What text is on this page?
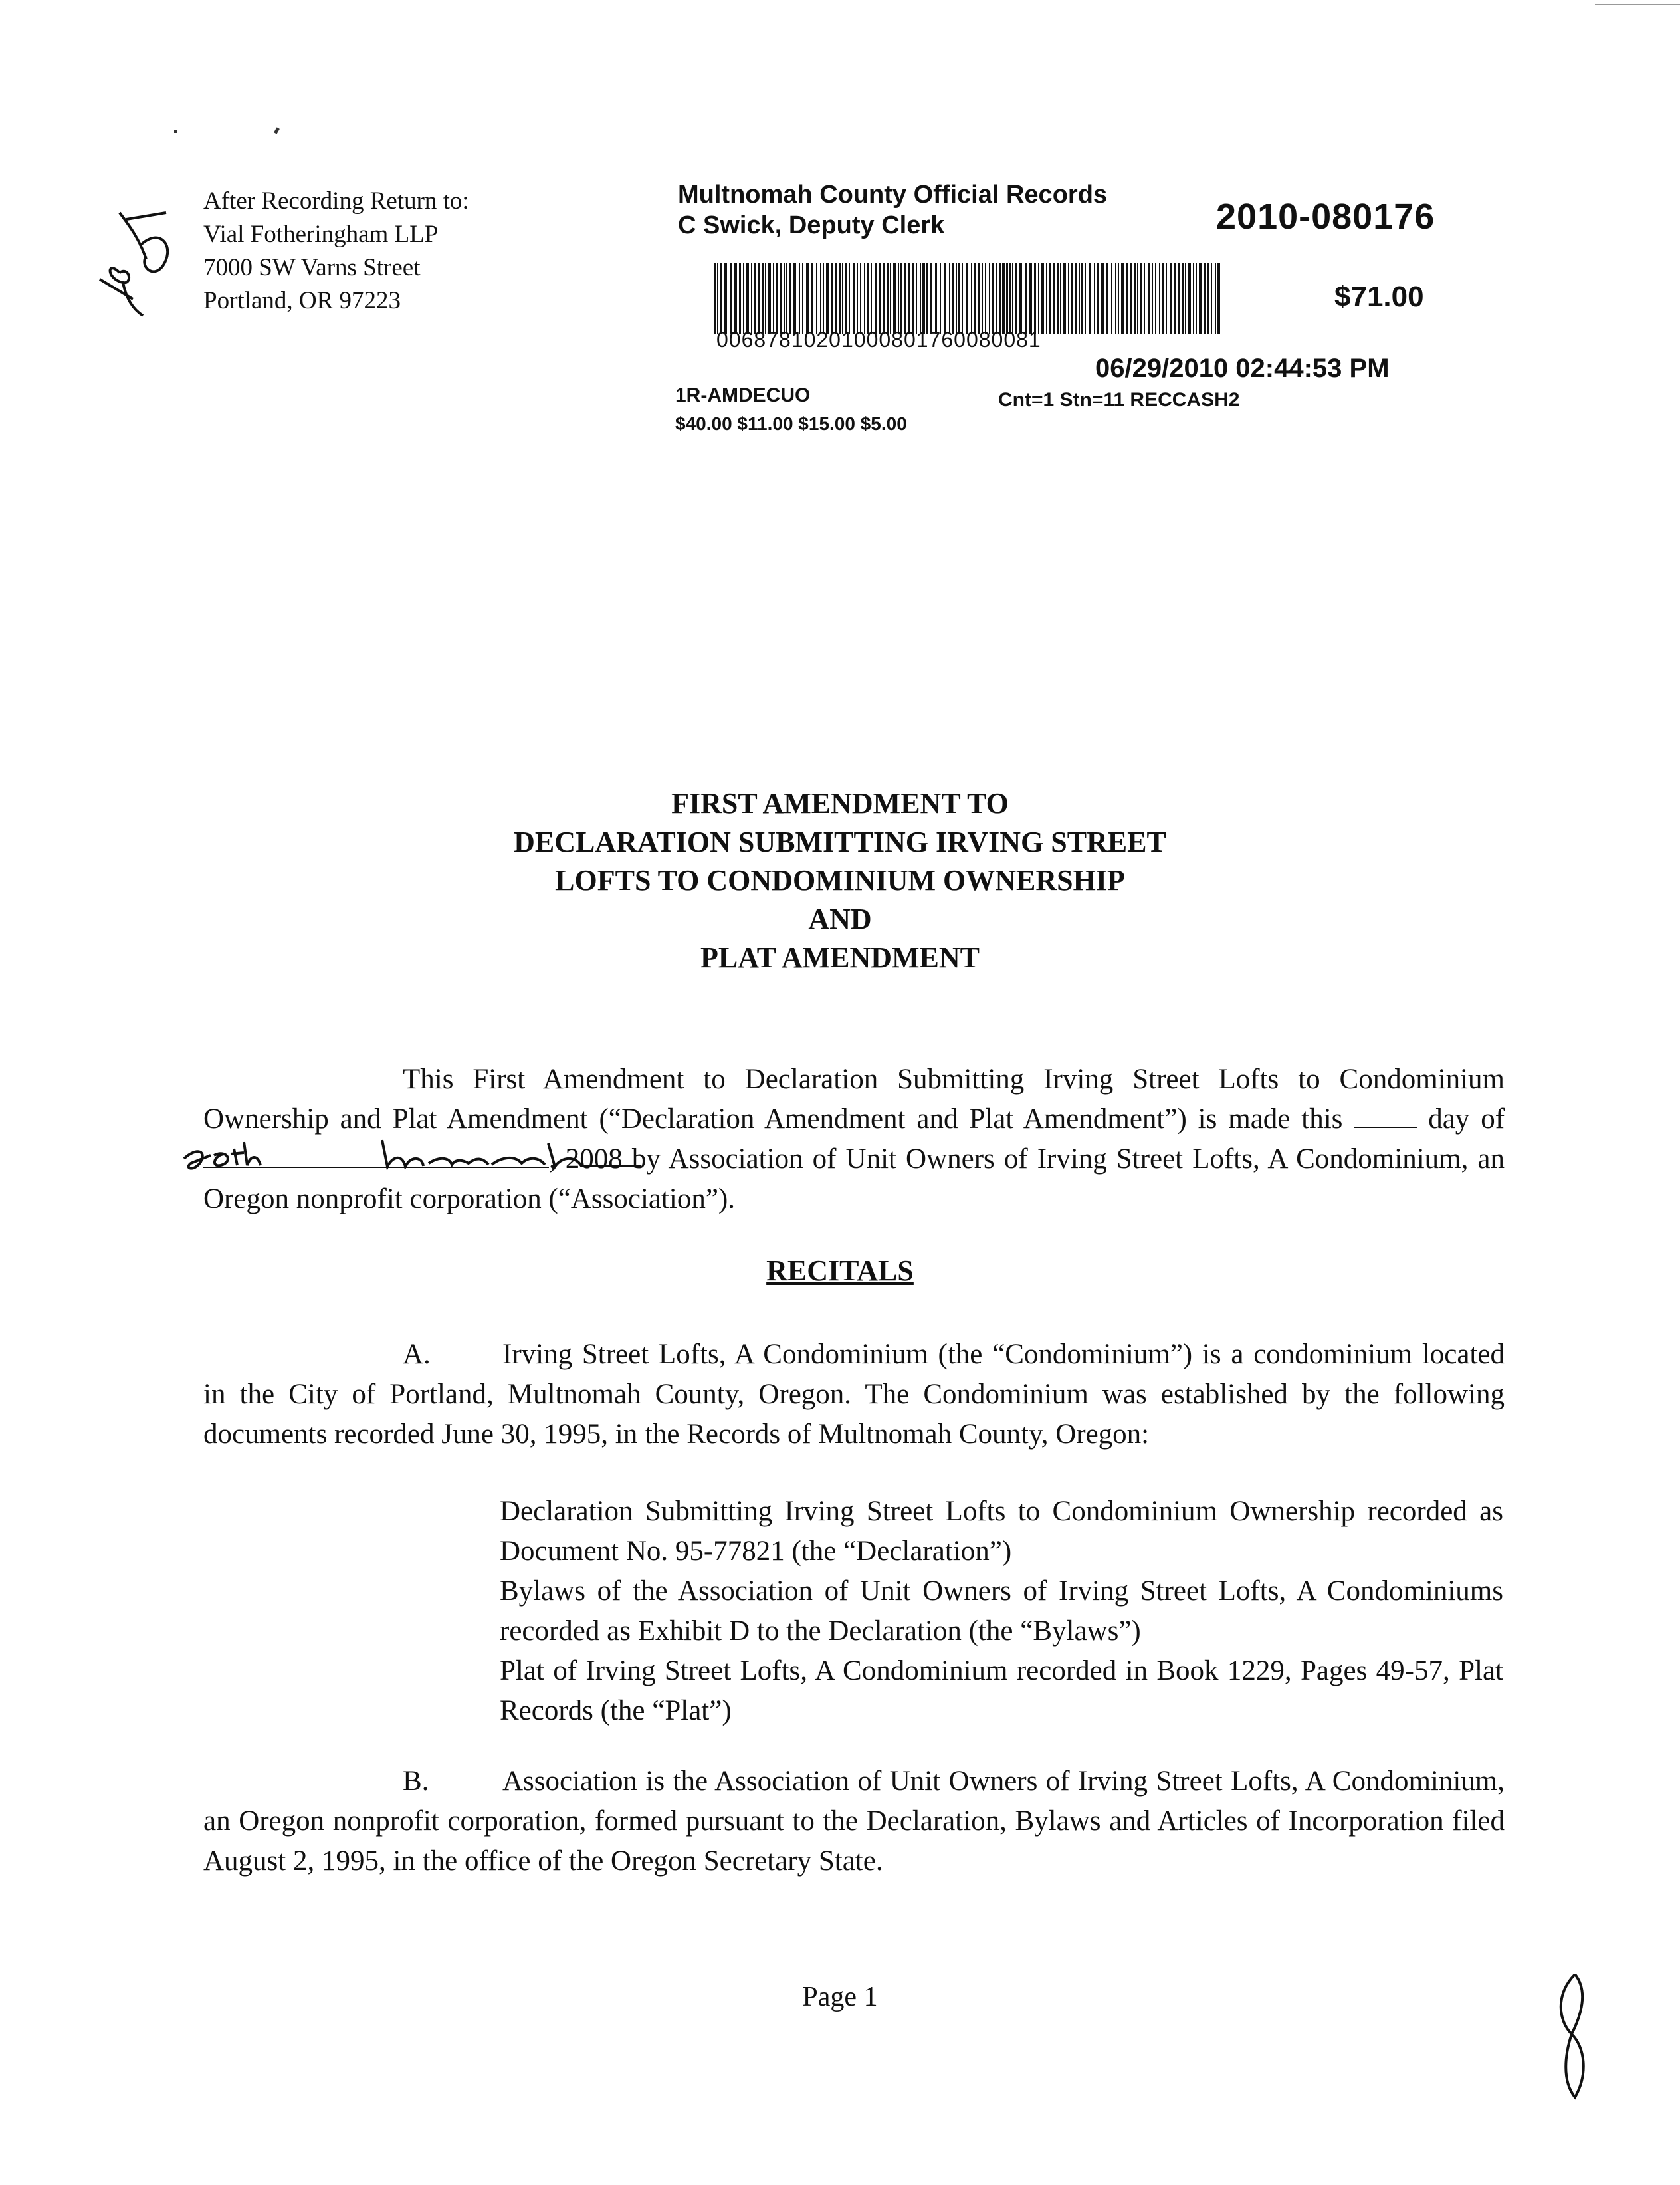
After Recording Return to:
Vial Fotheringham LLP
7000 SW Varns Street
Portland, OR 97223
Multnomah County Official Records
C Swick, Deputy Clerk	2010-080176
00687810201000801760080081
$71.00
06/29/2010 02:44:53 PM
1R-AMDECUO	Cnt=1 Stn=11 RECCASH2
$40.00 $11.00 $15.00 $5.00
FIRST AMENDMENT TO
DECLARATION SUBMITTING IRVING STREET
LOFTS TO CONDOMINIUM OWNERSHIP
AND
PLAT AMENDMENT
This First Amendment to Declaration Submitting Irving Street Lofts to Condominium Ownership and Plat Amendment (“Declaration Amendment and Plat Amendment”) is made this	day of , 2008 by Association of Unit Owners of Irving Street Lofts, A Condominium, an Oregon nonprofit corporation (“Association”).
RECITALS
A.	Irving Street Lofts, A Condominium (the “Condominium”) is a condominium located in the City of Portland, Multnomah County, Oregon. The Condominium was established by the following documents recorded June 30, 1995, in the Records of Multnomah County, Oregon:
Declaration Submitting Irving Street Lofts to Condominium Ownership recorded as Document No. 95-77821 (the “Declaration”)
Bylaws of the Association of Unit Owners of Irving Street Lofts, A Condominiums recorded as Exhibit D to the Declaration (the “Bylaws”)
Plat of Irving Street Lofts, A Condominium recorded in Book 1229, Pages 49-57, Plat Records (the “Plat”)
B.	Association is the Association of Unit Owners of Irving Street Lofts, A Condominium, an Oregon nonprofit corporation, formed pursuant to the Declaration, Bylaws and Articles of Incorporation filed August 2, 1995, in the office of the Oregon Secretary State.
Page 1
